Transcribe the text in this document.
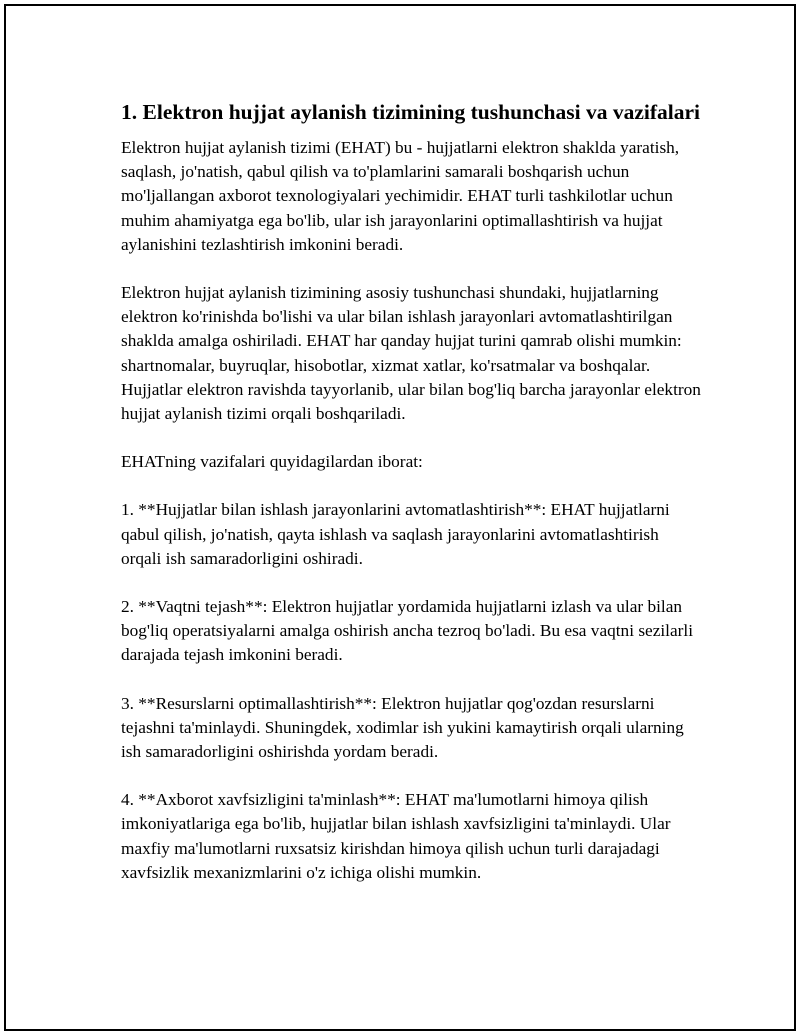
1. Elektron hujjat aylanish tizimining tushunchasi va vazifalari

Elektron hujjat aylanish tizimi (EHAT) bu - hujjatlarni elektron shaklda yaratish, saqlash, jo'natish, qabul qilish va to'plamlarini samarali boshqarish uchun mo'ljallangan axborot texnologiyalari yechimidir. EHAT turli tashkilotlar uchun muhim ahamiyatga ega bo'lib, ular ish jarayonlarini optimallashtirish va hujjat aylanishini tezlashtirish imkonini beradi.

Elektron hujjat aylanish tizimining asosiy tushunchasi shundaki, hujjatlarning elektron ko'rinishda bo'lishi va ular bilan ishlash jarayonlari avtomatlashtirilgan shaklda amalga oshiriladi. EHAT har qanday hujjat turini qamrab olishi mumkin: shartnomalar, buyruqlar, hisobotlar, xizmat xatlar, ko'rsatmalar va boshqalar. Hujjatlar elektron ravishda tayyorlanib, ular bilan bog'liq barcha jarayonlar elektron hujjat aylanish tizimi orqali boshqariladi.

EHATning vazifalari quyidagilardan iborat:

1. **Hujjatlar bilan ishlash jarayonlarini avtomatlashtirish**: EHAT hujjatlarni qabul qilish, jo'natish, qayta ishlash va saqlash jarayonlarini avtomatlashtirish orqali ish samaradorligini oshiradi.

2. **Vaqtni tejash**: Elektron hujjatlar yordamida hujjatlarni izlash va ular bilan bog'liq operatsiyalarni amalga oshirish ancha tezroq bo'ladi. Bu esa vaqtni sezilarli darajada tejash imkonini beradi.

3. **Resurslarni optimallashtirish**: Elektron hujjatlar qog'ozdan resurslarni tejashni ta'minlaydi. Shuningdek, xodimlar ish yukini kamaytirish orqali ularning ish samaradorligini oshirishda yordam beradi.

4. **Axborot xavfsizligini ta'minlash**: EHAT ma'lumotlarni himoya qilish imkoniyatlariga ega bo'lib, hujjatlar bilan ishlash xavfsizligini ta'minlaydi. Ular maxfiy ma'lumotlarni ruxsatsiz kirishdan himoya qilish uchun turli darajadagi xavfsizlik mexanizmlarini o'z ichiga olishi mumkin.
